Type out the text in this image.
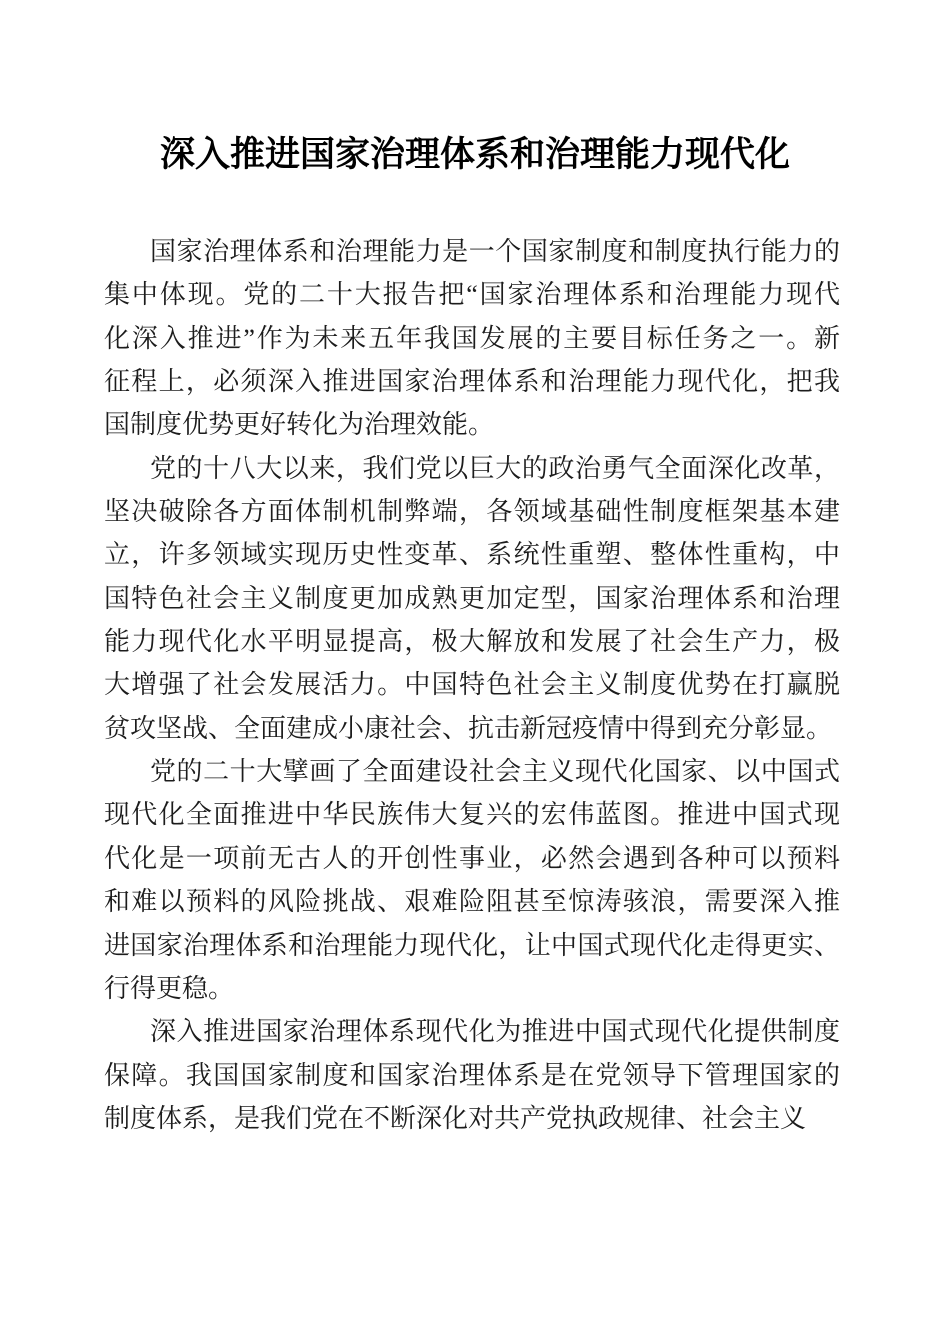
深入推进国家治理体系和治理能力现代化
国家治理体系和治理能力是一个国家制度和制度执行能力的
集中体现。党的二十大报告把“国家治理体系和治理能力现代
化深入推进”作为未来五年我国发展的主要目标任务之一。新
征程上，必须深入推进国家治理体系和治理能力现代化，把我
国制度优势更好转化为治理效能。
党的十八大以来，我们党以巨大的政治勇气全面深化改革，
坚决破除各方面体制机制弊端，各领域基础性制度框架基本建
立，许多领域实现历史性变革、系统性重塑、整体性重构，中
国特色社会主义制度更加成熟更加定型，国家治理体系和治理
能力现代化水平明显提高，极大解放和发展了社会生产力，极
大增强了社会发展活力。中国特色社会主义制度优势在打赢脱
贫攻坚战、全面建成小康社会、抗击新冠疫情中得到充分彰显。
党的二十大擘画了全面建设社会主义现代化国家、以中国式
现代化全面推进中华民族伟大复兴的宏伟蓝图。推进中国式现
代化是一项前无古人的开创性事业，必然会遇到各种可以预料
和难以预料的风险挑战、艰难险阻甚至惊涛骇浪，需要深入推
进国家治理体系和治理能力现代化，让中国式现代化走得更实、
行得更稳。
深入推进国家治理体系现代化为推进中国式现代化提供制度
保障。我国国家制度和国家治理体系是在党领导下管理国家的
制度体系，是我们党在不断深化对共产党执政规律、社会主义
